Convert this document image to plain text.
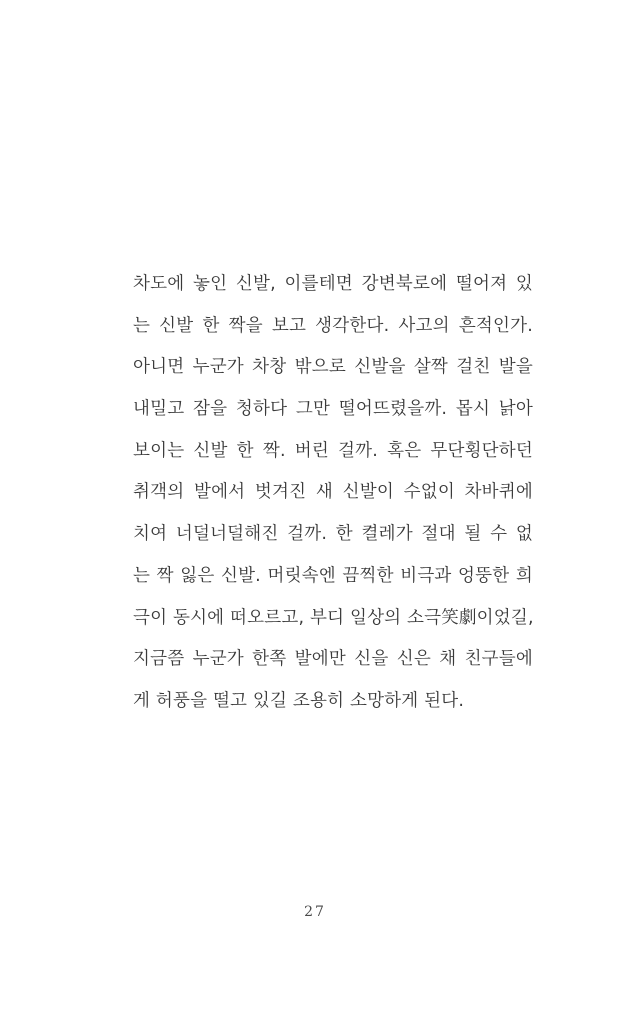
차도에 놓인 신발, 이를테면 강변북로에 떨어져 있
는 신발 한 짝을 보고 생각한다. 사고의 흔적인가.
아니면 누군가 차창 밖으로 신발을 살짝 걸친 발을
내밀고 잠을 청하다 그만 떨어뜨렸을까. 몹시 낡아
보이는 신발 한 짝. 버린 걸까. 혹은 무단횡단하던
취객의 발에서 벗겨진 새 신발이 수없이 차바퀴에
치여 너덜너덜해진 걸까. 한 켤레가 절대 될 수 없
는 짝 잃은 신발. 머릿속엔 끔찍한 비극과 엉뚱한 희
극이 동시에 떠오르고, 부디 일상의 소극笑劇이었길,
지금쯤 누군가 한쪽 발에만 신을 신은 채 친구들에
게 허풍을 떨고 있길 조용히 소망하게 된다.
27
